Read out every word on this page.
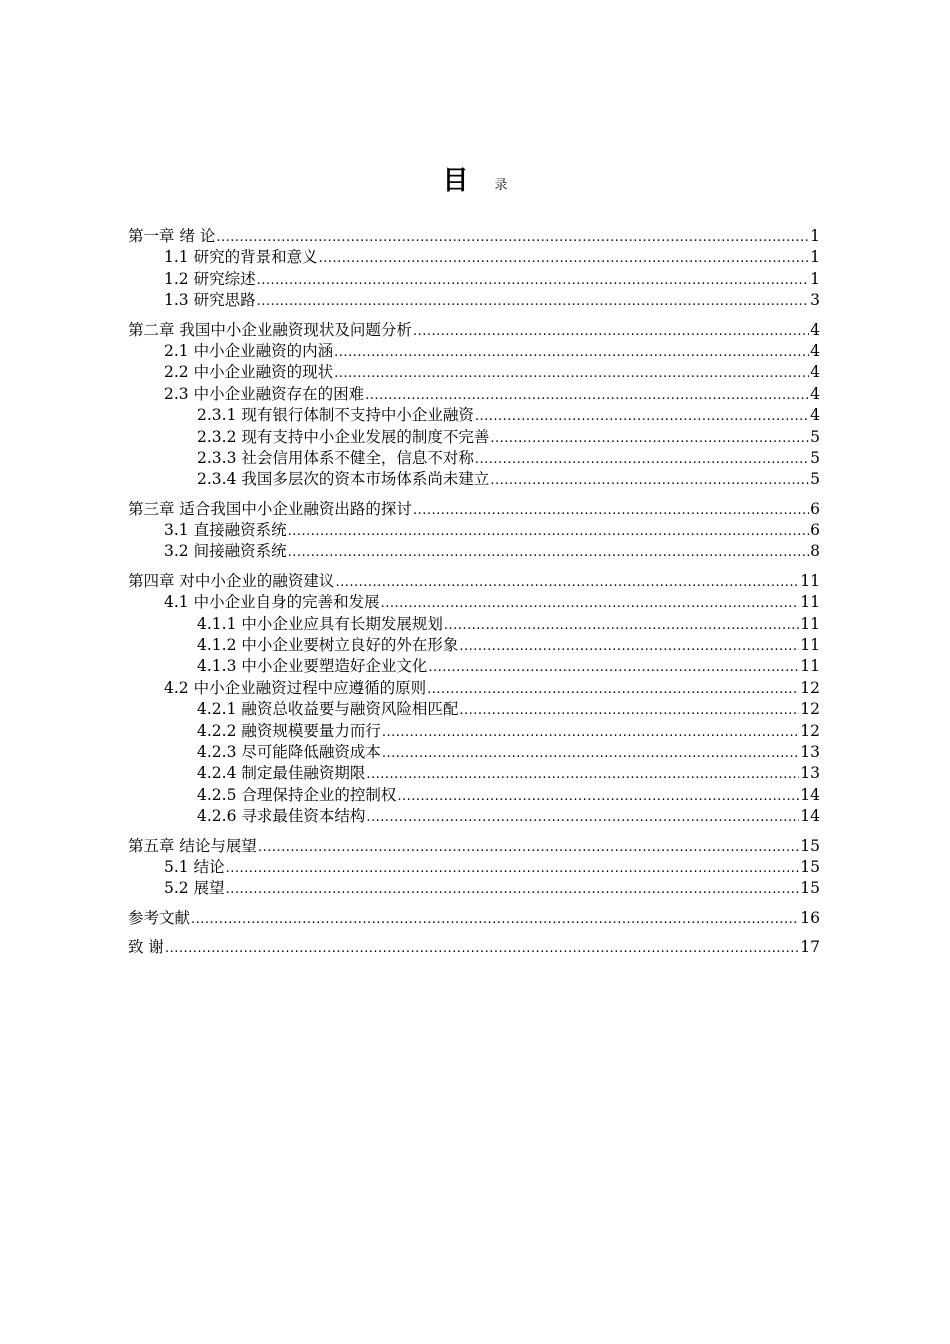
目 录
第一章 绪 论 .....	1
1.1 研究的背景和意义 .....	1
1.2 研究综述 .....	1
1.3 研究思路 .....	3
第二章 我国中小企业融资现状及问题分析 .....	4
2.1 中小企业融资的内涵 .....	4
2.2 中小企业融资的现状 .....	4
2.3 中小企业融资存在的困难 .....	4
2.3.1 现有银行体制不支持中小企业融资 .....	4
2.3.2 现有支持中小企业发展的制度不完善 .....	5
2.3.3 社会信用体系不健全，信息不对称 .....	5
2.3.4 我国多层次的资本市场体系尚未建立 .....	5
第三章 适合我国中小企业融资出路的探讨 .....	6
3.1 直接融资系统 .....	6
3.2 间接融资系统 .....	8
第四章 对中小企业的融资建议 .....	11
4.1 中小企业自身的完善和发展 .....	11
4.1.1 中小企业应具有长期发展规划 .....	11
4.1.2 中小企业要树立良好的外在形象 .....	11
4.1.3 中小企业要塑造好企业文化 .....	11
4.2 中小企业融资过程中应遵循的原则 .....	12
4.2.1 融资总收益要与融资风险相匹配 .....	12
4.2.2 融资规模要量力而行 .....	12
4.2.3 尽可能降低融资成本 .....	13
4.2.4 制定最佳融资期限 .....	13
4.2.5 合理保持企业的控制权 .....	14
4.2.6 寻求最佳资本结构 .....	14
第五章 结论与展望 .....	15
5.1 结论 .....	15
5.2 展望 .....	15
参考文献 .....	16
致 谢 .....	17
